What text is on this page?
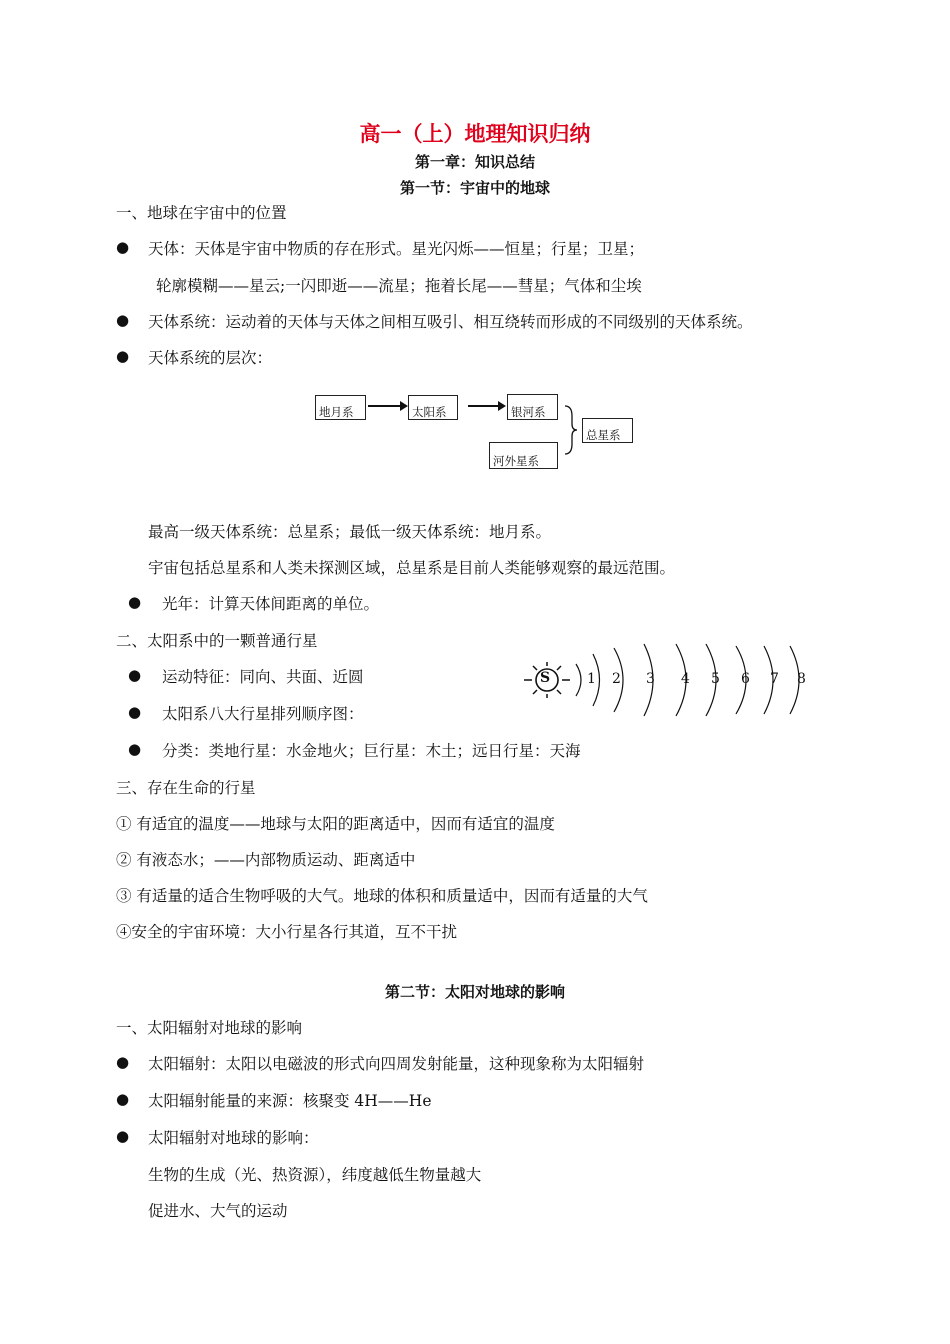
高一（上）地理知识归纳
第一章：知识总结
第一节：宇宙中的地球
一、地球在宇宙中的位置
● 天体：天体是宇宙中物质的存在形式。星光闪烁——恒星；行星；卫星；
轮廓模糊——星云;一闪即逝——流星；拖着长尾——彗星；气体和尘埃
● 天体系统：运动着的天体与天体之间相互吸引、相互绕转而形成的不同级别的天体系统。
● 天体系统的层次：
地月系	太阳系	银河系
河外星系
总星系
最高一级天体系统：总星系；最低一级天体系统：地月系。
宇宙包括总星系和人类未探测区域，总星系是目前人类能够观察的最远范围。
● 光年：计算天体间距离的单位。
二、太阳系中的一颗普通行星
● 运动特征：同向、共面、近圆
● 太阳系八大行星排列顺序图：
● 分类：类地行星：水金地火；巨行星：木土；远日行星：天海
S	1 2 3 4 5 6 7 8
三、存在生命的行星
① 有适宜的温度——地球与太阳的距离适中，因而有适宜的温度
② 有液态水；——内部物质运动、距离适中
③ 有适量的适合生物呼吸的大气。地球的体积和质量适中，因而有适量的大气
④安全的宇宙环境：大小行星各行其道，互不干扰
第二节：太阳对地球的影响
一、太阳辐射对地球的影响
● 太阳辐射：太阳以电磁波的形式向四周发射能量，这种现象称为太阳辐射
● 太阳辐射能量的来源：核聚变 4H——He
● 太阳辐射对地球的影响：
生物的生成（光、热资源），纬度越低生物量越大
促进水、大气的运动
